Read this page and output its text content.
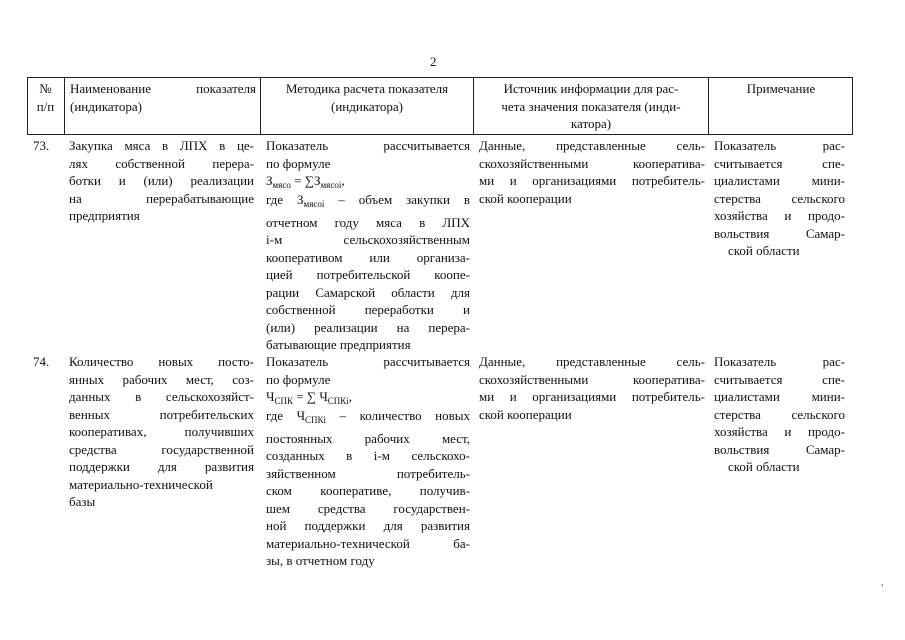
2
№ п/п
Наименование показателя
(индикатора)
Методика расчета показателя
(индикатора)
Источник информации для рас-
чета значения показателя (инди-
катора)
Примечание
73. Закупка мяса в ЛПХ в це-
лях собственной перера-
ботки и (или) реализации
на перерабатывающие
предприятия
Показатель рассчитывается
по формуле
$З_{мясо} = \sum З_{мясоi}$,
где $З_{мясоi}$ – объем закупки в
отчетном году мяса в ЛПХ
i-м сельскохозяйственным
кооперативом или организа-
цией потребительской коопе-
рации Самарской области для
собственной переработки и
(или) реализации на перера-
батывающие предприятия
Данные, представленные сель-
скохозяйственными кооператива-
ми и организациями потребитель-
ской кооперации
Показатель рас-
считывается спе-
циалистами мини-
стерства сельского
хозяйства и продо-
вольствия Самар-
ской области
74. Количество новых посто-
янных рабочих мест, соз-
данных в сельскохозяйст-
венных потребительских
кооперативах, получивших
средства государственной
поддержки для развития
материально-технической
базы
Показатель рассчитывается
по формуле
$Ч_{СПК}$ = ∑ $Ч_{СПКi}$,
где $Ч_{СПКi}$ – количество новых
постоянных рабочих мест,
созданных в i-м сельскохо-
зяйственном потребитель-
ском кооперативе, получив-
шем средства государствен-
ной поддержки для развития
материально-технической ба-
зы, в отчетном году
Данные, представленные сель-
скохозяйственными кооператива-
ми и организациями потребитель-
ской кооперации
Показатель рас-
считывается спе-
циалистами мини-
стерства сельского
хозяйства и продо-
вольствия Самар-
ской области
,
